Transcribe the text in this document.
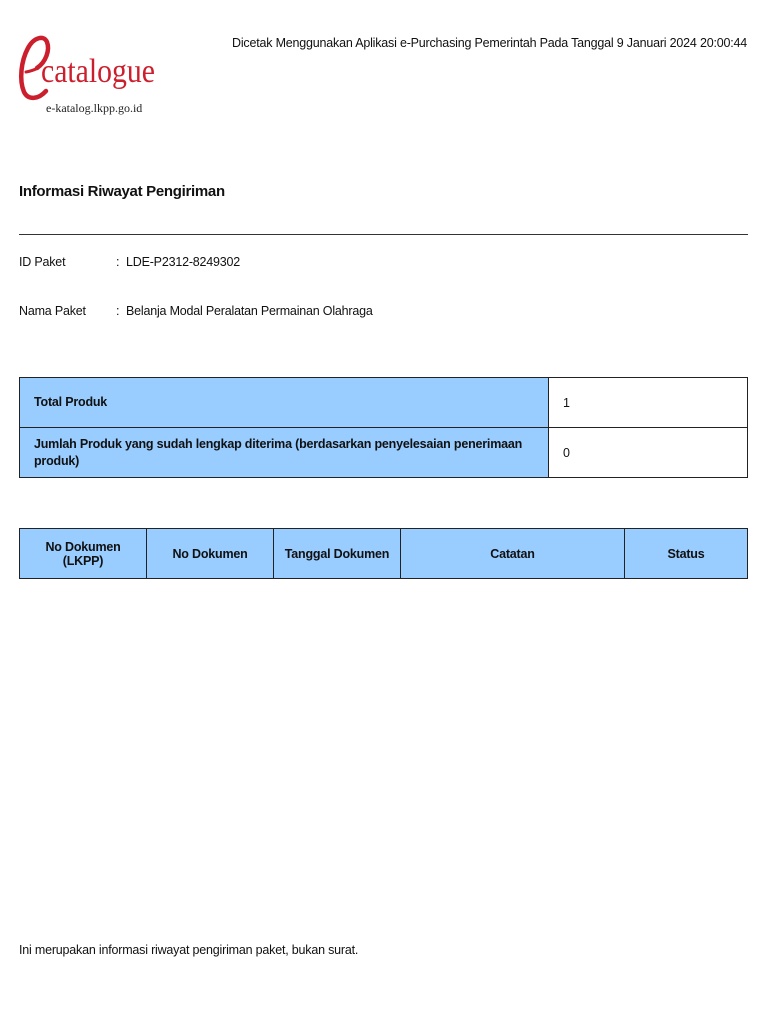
catalogue
e-katalog.lkpp.go.id
Dicetak Menggunakan Aplikasi e-Purchasing Pemerintah Pada Tanggal 9 Januari 2024 20:00:44
Informasi Riwayat Pengiriman
ID Paket	: LDE-P2312-8249302
Nama Paket : Belanja Modal Peralatan Permainan Olahraga
Total Produk	1
Jumlah Produk yang sudah lengkap diterima (berdasarkan penyelesaian penerimaan produk)	0
No Dokumen (LKPP)	No Dokumen	Tanggal Dokumen	Catatan	Status
Ini merupakan informasi riwayat pengiriman paket, bukan surat.
